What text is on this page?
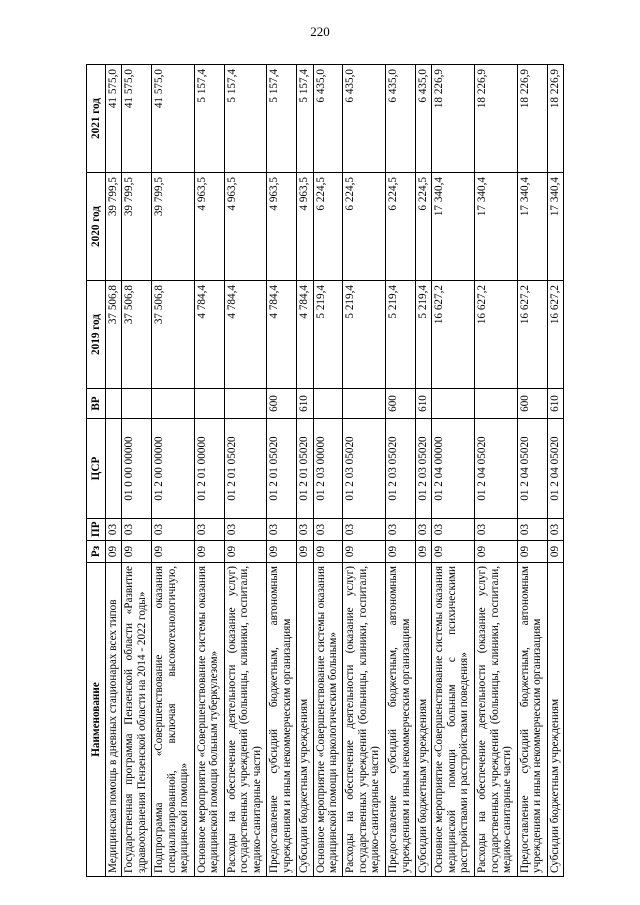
220
Наименование	Рз	ПР	ЦСР	ВР	2019 год	2020 год	2021 год
Медицинская помощь в дневных стационарах всех типов	09	03			37 506,8	39 799,5	41 575,0
Государственная программа Пензенской области «Развитие здравоохранения Пензенской области на 2014 - 2022 годы»	09	03	01 0 00 00000		37 506,8	39 799,5	41 575,0
Подпрограмма «Совершенствование оказания специализированной, включая высокотехнологичную, медицинской помощи»	09	03	01 2 00 00000		37 506,8	39 799,5	41 575,0
Основное мероприятие «Совершенствование системы оказания медицинской помощи больным туберкулезом»	09	03	01 2 01 00000		4 784,4	4 963,5	5 157,4
Расходы на обеспечение деятельности (оказание услуг) государственных учреждений (больницы, клиники, госпитали, медико-санитарные части)	09	03	01 2 01 05020		4 784,4	4 963,5	5 157,4
Предоставление субсидий бюджетным, автономным учреждениям и иным некоммерческим организациям	09	03	01 2 01 05020	600	4 784,4	4 963,5	5 157,4
Субсидии бюджетным учреждениям	09	03	01 2 01 05020	610	4 784,4	4 963,5	5 157,4
Основное мероприятие «Совершенствование системы оказания медицинской помощи наркологическим больным»	09	03	01 2 03 00000		5 219,4	6 224,5	6 435,0
Расходы на обеспечение деятельности (оказание услуг) государственных учреждений (больницы, клиники, госпитали, медико-санитарные части)	09	03	01 2 03 05020		5 219,4	6 224,5	6 435,0
Предоставление субсидий бюджетным, автономным учреждениям и иным некоммерческим организациям	09	03	01 2 03 05020	600	5 219,4	6 224,5	6 435,0
Субсидии бюджетным учреждениям	09	03	01 2 03 05020	610	5 219,4	6 224,5	6 435,0
Основное мероприятие «Совершенствование системы оказания медицинской помощи больным с психическими расстройствами и расстройствами поведения»	09	03	01 2 04 00000		16 627,2	17 340,4	18 226,9
Расходы на обеспечение деятельности (оказание услуг) государственных учреждений (больницы, клиники, госпитали, медико-санитарные части)	09	03	01 2 04 05020		16 627,2	17 340,4	18 226,9
Предоставление субсидий бюджетным, автономным учреждениям и иным некоммерческим организациям	09	03	01 2 04 05020	600	16 627,2	17 340,4	18 226,9
Субсидии бюджетным учреждениям	09	03	01 2 04 05020	610	16 627,2	17 340,4	18 226,9
